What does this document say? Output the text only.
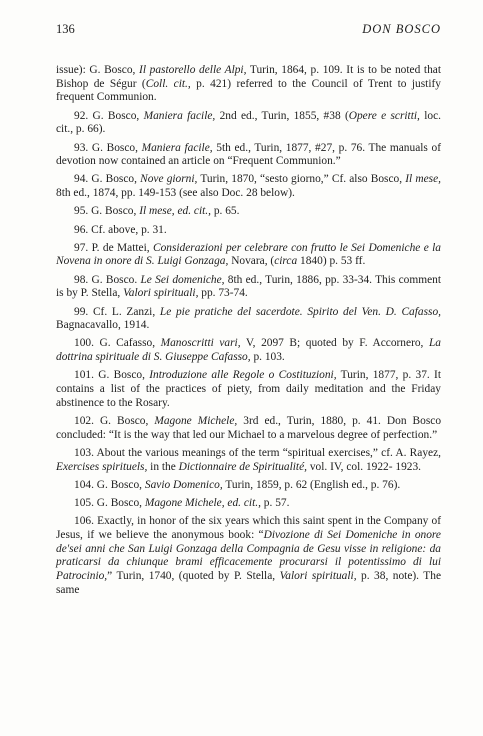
136	DON BOSCO

issue): G. Bosco, Il pastorello delle Alpi, Turin, 1864, p. 109. It is to be noted that Bishop de Ségur (Coll. cit., p. 421) referred to the Council of Trent to justify frequent Communion.

92. G. Bosco, Maniera facile, 2nd ed., Turin, 1855, #38 (Opere e scritti, loc. cit., p. 66).

93. G. Bosco, Maniera facile, 5th ed., Turin, 1877, #27, p. 76. The manuals of devotion now contained an article on “Frequent Communion.”

94. G. Bosco, Nove giorni, Turin, 1870, “sesto giorno,” Cf. also Bosco, Il mese, 8th ed., 1874, pp. 149-153 (see also Doc. 28 below).

95. G. Bosco, Il mese, ed. cit., p. 65.

96. Cf. above, p. 31.

97. P. de Mattei, Considerazioni per celebrare con frutto le Sei Domeniche e la Novena in onore di S. Luigi Gonzaga, Novara, (circa 1840) p. 53 ff.

98. G. Bosco. Le Sei domeniche, 8th ed., Turin, 1886, pp. 33-34. This comment is by P. Stella, Valori spirituali, pp. 73-74.

99. Cf. L. Zanzi, Le pie pratiche del sacerdote. Spirito del Ven. D. Cafasso, Bagnacavallo, 1914.

100. G. Cafasso, Manoscritti vari, V, 2097 B; quoted by F. Accornero, La dottrina spirituale di S. Giuseppe Cafasso, p. 103.

101. G. Bosco, Introduzione alle Regole o Costituzioni, Turin, 1877, p. 37. It contains a list of the practices of piety, from daily meditation and the Friday abstinence to the Rosary.

102. G. Bosco, Magone Michele, 3rd ed., Turin, 1880, p. 41. Don Bosco concluded: “It is the way that led our Michael to a marvelous degree of perfection.”

103. About the various meanings of the term “spiritual exercises,” cf. A. Rayez, Exercises spirituels, in the Dictionnaire de Spiritualité, vol. IV, col. 1922- 1923.

104. G. Bosco, Savio Domenico, Turin, 1859, p. 62 (English ed., p. 76).

105. G. Bosco, Magone Michele, ed. cit., p. 57.

106. Exactly, in honor of the six years which this saint spent in the Company of Jesus, if we believe the anonymous book: “Divozione di Sei Domeniche in onore de'sei anni che San Luigi Gonzaga della Compagnia de Gesu visse in religione: da praticarsi da chiunque brami efficacemente procurarsi il potentissimo di lui Patrocinio,” Turin, 1740, (quoted by P. Stella, Valori spirituali, p. 38, note). The same
